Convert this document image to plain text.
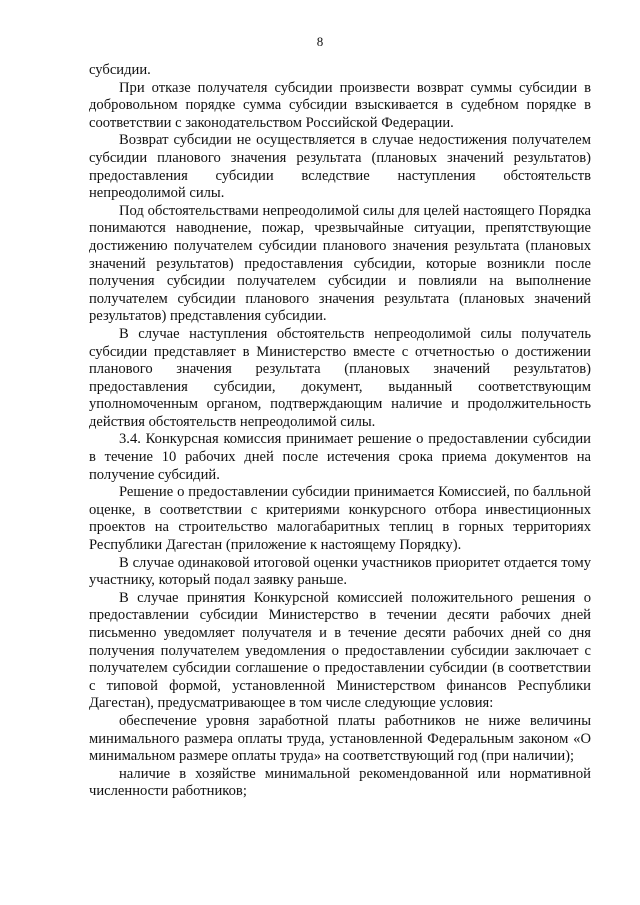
8

субсидии.

При отказе получателя субсидии произвести возврат суммы субсидии в добровольном порядке сумма субсидии взыскивается в судебном порядке в соответствии с законодательством Российской Федерации.

Возврат субсидии не осуществляется в случае недостижения получателем субсидии планового значения результата (плановых значений результатов) предоставления субсидии вследствие наступления обстоятельств непреодолимой силы.

Под обстоятельствами непреодолимой силы для целей настоящего Порядка понимаются наводнение, пожар, чрезвычайные ситуации, препятствующие достижению получателем субсидии планового значения результата (плановых значений результатов) предоставления субсидии, которые возникли после получения субсидии получателем субсидии и повлияли на выполнение получателем субсидии планового значения результата (плановых значений результатов) представления субсидии.

В случае наступления обстоятельств непреодолимой силы получатель субсидии представляет в Министерство вместе с отчетностью о достижении планового значения результата (плановых значений результатов) предоставления субсидии, документ, выданный соответствующим уполномоченным органом, подтверждающим наличие и продолжительность действия обстоятельств непреодолимой силы.

3.4. Конкурсная комиссия принимает решение о предоставлении субсидии в течение 10 рабочих дней после истечения срока приема документов на получение субсидий.

Решение о предоставлении субсидии принимается Комиссией, по балльной оценке, в соответствии с критериями конкурсного отбора инвестиционных проектов на строительство малогабаритных теплиц в горных территориях Республики Дагестан (приложение к настоящему Порядку).

В случае одинаковой итоговой оценки участников приоритет отдается тому участнику, который подал заявку раньше.

В случае принятия Конкурсной комиссией положительного решения о предоставлении субсидии Министерство в течении десяти рабочих дней письменно уведомляет получателя и в течение десяти рабочих дней со дня получения получателем уведомления о предоставлении субсидии заключает с получателем субсидии соглашение о предоставлении субсидии (в соответствии с типовой формой, установленной Министерством финансов Республики Дагестан), предусматривающее в том числе следующие условия:

обеспечение уровня заработной платы работников не ниже величины минимального размера оплаты труда, установленной Федеральным законом «О минимальном размере оплаты труда» на соответствующий год (при наличии);

наличие в хозяйстве минимальной рекомендованной или нормативной численности работников;
